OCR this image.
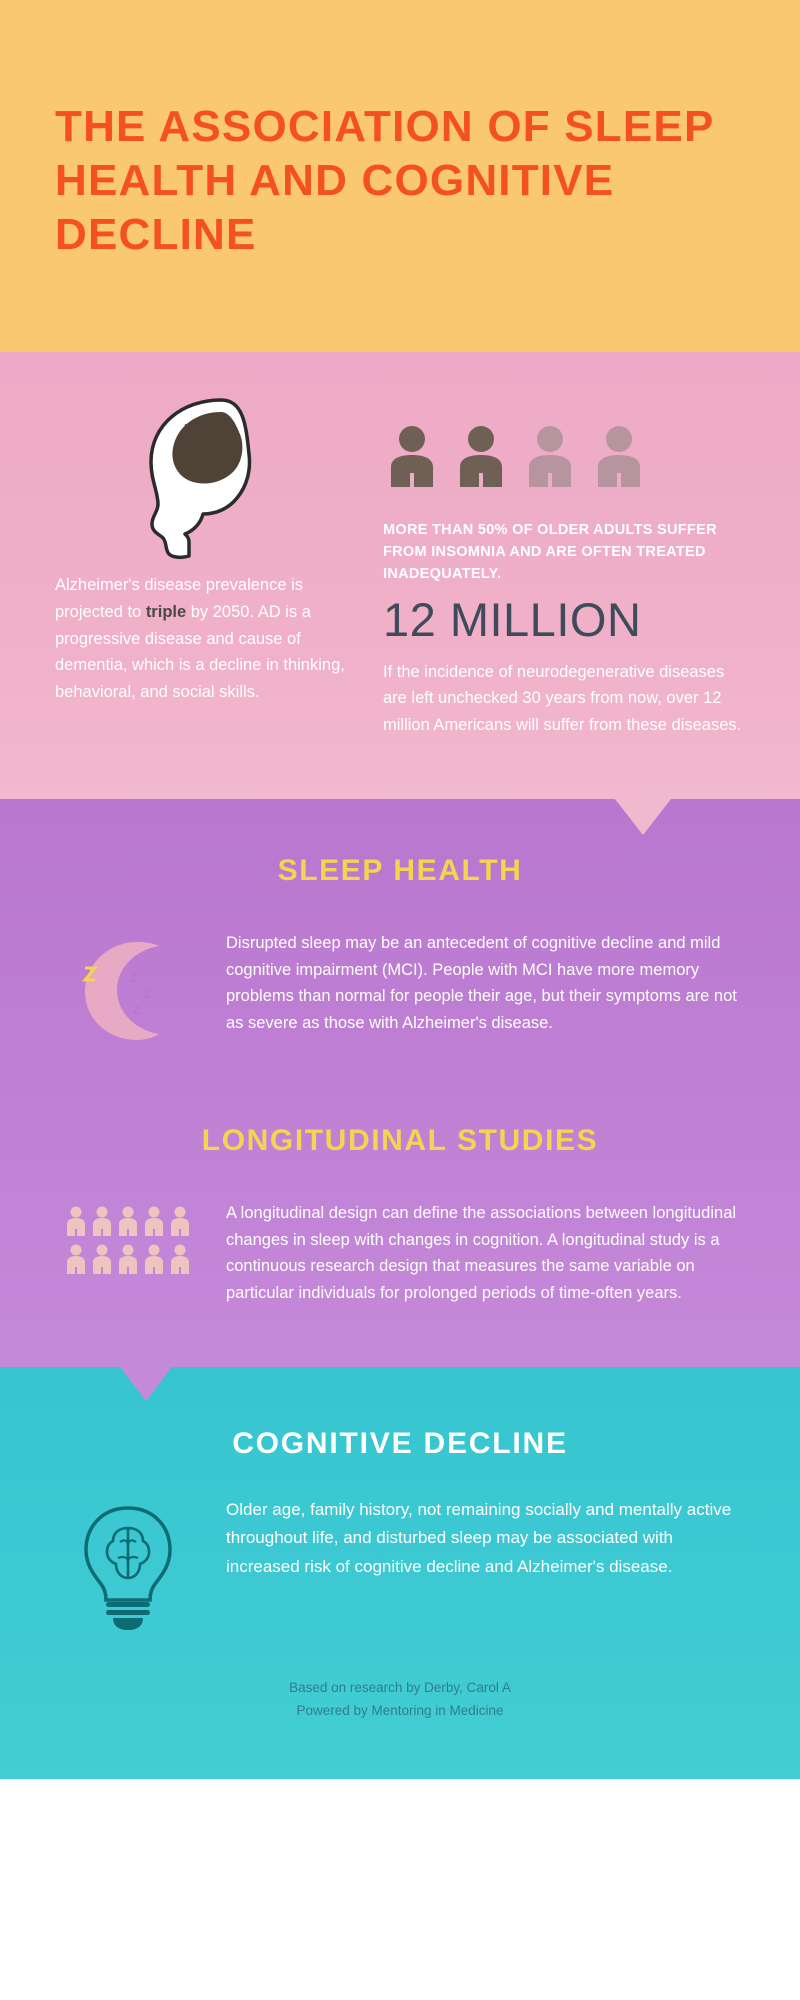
THE ASSOCIATION OF SLEEP HEALTH AND COGNITIVE DECLINE
Alzheimer's disease prevalence is projected to triple by 2050. AD is a progressive disease and cause of dementia, which is a decline in thinking, behavioral, and social skills.
MORE THAN 50% OF OLDER ADULTS SUFFER FROM INSOMNIA AND ARE OFTEN TREATED INADEQUATELY.
12 MILLION
If the incidence of neurodegenerative diseases are left unchecked 30 years from now, over 12 million Americans will suffer from these diseases.
SLEEP HEALTH
z
z
z
Disrupted sleep may be an antecedent of cognitive decline and mild cognitive impairment (MCI). People with MCI have more memory problems than normal for people their age, but their symptoms are not as severe as those with Alzheimer's disease.
LONGITUDINAL STUDIES
A longitudinal design can define the associations between longitudinal changes in sleep with changes in cognition. A longitudinal study is a continuous research design that measures the same variable on particular individuals for prolonged periods of time-often years.
COGNITIVE DECLINE
Older age, family history, not remaining socially and mentally active throughout life, and disturbed sleep may be associated with increased risk of cognitive decline and Alzheimer's disease.
Based on research by Derby, Carol A
Powered by Mentoring in Medicine
